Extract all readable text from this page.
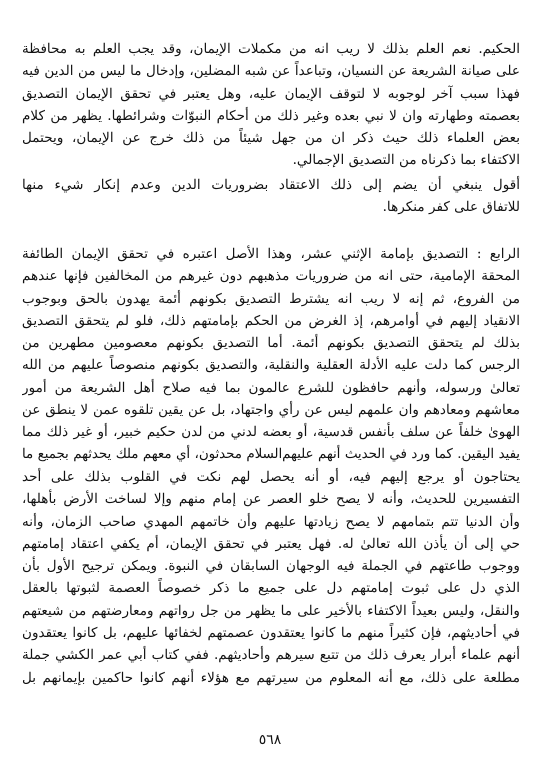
الحكيم. نعم العلم بذلك لا ريب انه من مكملات الإيمان، وقد يجب العلم به محافظة
على صيانة الشريعة عن النسيان، وتباعداً عن شبه المضلين، وإدخال ما ليس من الدين فيه
فهذا سبب آخر لوجوبه لا لتوقف الإيمان عليه، وهل يعتبر في تحقق الإيمان التصديق
بعصمته وطهارته وان لا نبي بعده وغير ذلك من أحكام النبوّات وشرائطها. يظهر من كلام
بعض العلماء ذلك حيث ذكر ان من جهل شيئاً من ذلك خرج عن الإيمان، ويحتمل
الاكتفاء بما ذكرناه من التصديق الإجمالي.
أقول ينبغي أن يضم إلى ذلك الاعتقاد بضروريات الدين وعدم إنكار شيء منها
للاتفاق على كفر منكرها.
الرابع : التصديق بإمامة الإثني عشر، وهذا الأصل اعتبره في تحقق الإيمان الطائفة
المحقة الإمامية، حتى انه من ضروريات مذهبهم دون غيرهم من المخالفين فإنها عندهم
من الفروع، ثم إنه لا ريب انه يشترط التصديق بكونهم أئمة يهدون بالحق وبوجوب
الانقياد إليهم في أوامرهم، إذ الغرض من الحكم بإمامتهم ذلك، فلو لم يتحقق التصديق
بذلك لم يتحقق التصديق بكونهم أئمة. أما التصديق بكونهم معصومين مطهرين من
الرجس كما دلت عليه الأدلة العقلية والنقلية، والتصديق بكونهم منصوصاً عليهم من الله
تعالىٰ ورسوله، وأنهم حافظون للشرع عالمون بما فيه صلاح أهل الشريعة من أمور
معاشهم ومعادهم وان علمهم ليس عن رأي واجتهاد، بل عن يقين تلقوه عمن لا ينطق عن
الهوىٰ خلفاً عن سلف بأنفس قدسية، أو بعضه لدني من لدن حكيم خبير، أو غير ذلك مما
يفيد اليقين. كما ورد في الحديث أنهم عليهم‌السلام محدثون، أي معهم ملك يحدثهم بجميع ما
يحتاجون أو يرجع إليهم فيه، أو أنه يحصل لهم نكت في القلوب بذلك على أحد
التفسيرين للحديث، وأنه لا يصح خلو العصر عن إمام منهم وإلا لساخت الأرض بأهلها،
وأن الدنيا تتم بتمامهم لا يصح زيادتها عليهم وأن خاتمهم المهدي صاحب الزمان، وأنه
حي إلى أن يأذن الله تعالىٰ له. فهل يعتبر في تحقق الإيمان، أم يكفي اعتقاد إمامتهم
ووجوب طاعتهم في الجملة فيه الوجهان السابقان في النبوة. ويمكن ترجيح الأول بأن
الذي دل على ثبوت إمامتهم دل على جميع ما ذكر خصوصاً العصمة لثبوتها بالعقل
والنقل، وليس بعيداً الاكتفاء بالأخير على ما يظهر من جل رواتهم ومعارضتهم من شيعتهم
في أحاديثهم، فإن كثيراً منهم ما كانوا يعتقدون عصمتهم لخفائها عليهم، بل كانوا يعتقدون
أنهم علماء أبرار يعرف ذلك من تتبع سيرهم وأحاديثهم. ففي كتاب أبي عمر الكشي جملة
مطلعة على ذلك، مع أنه المعلوم من سيرتهم مع هؤلاء أنهم كانوا حاكمين بإيمانهم بل
٥٦٨
